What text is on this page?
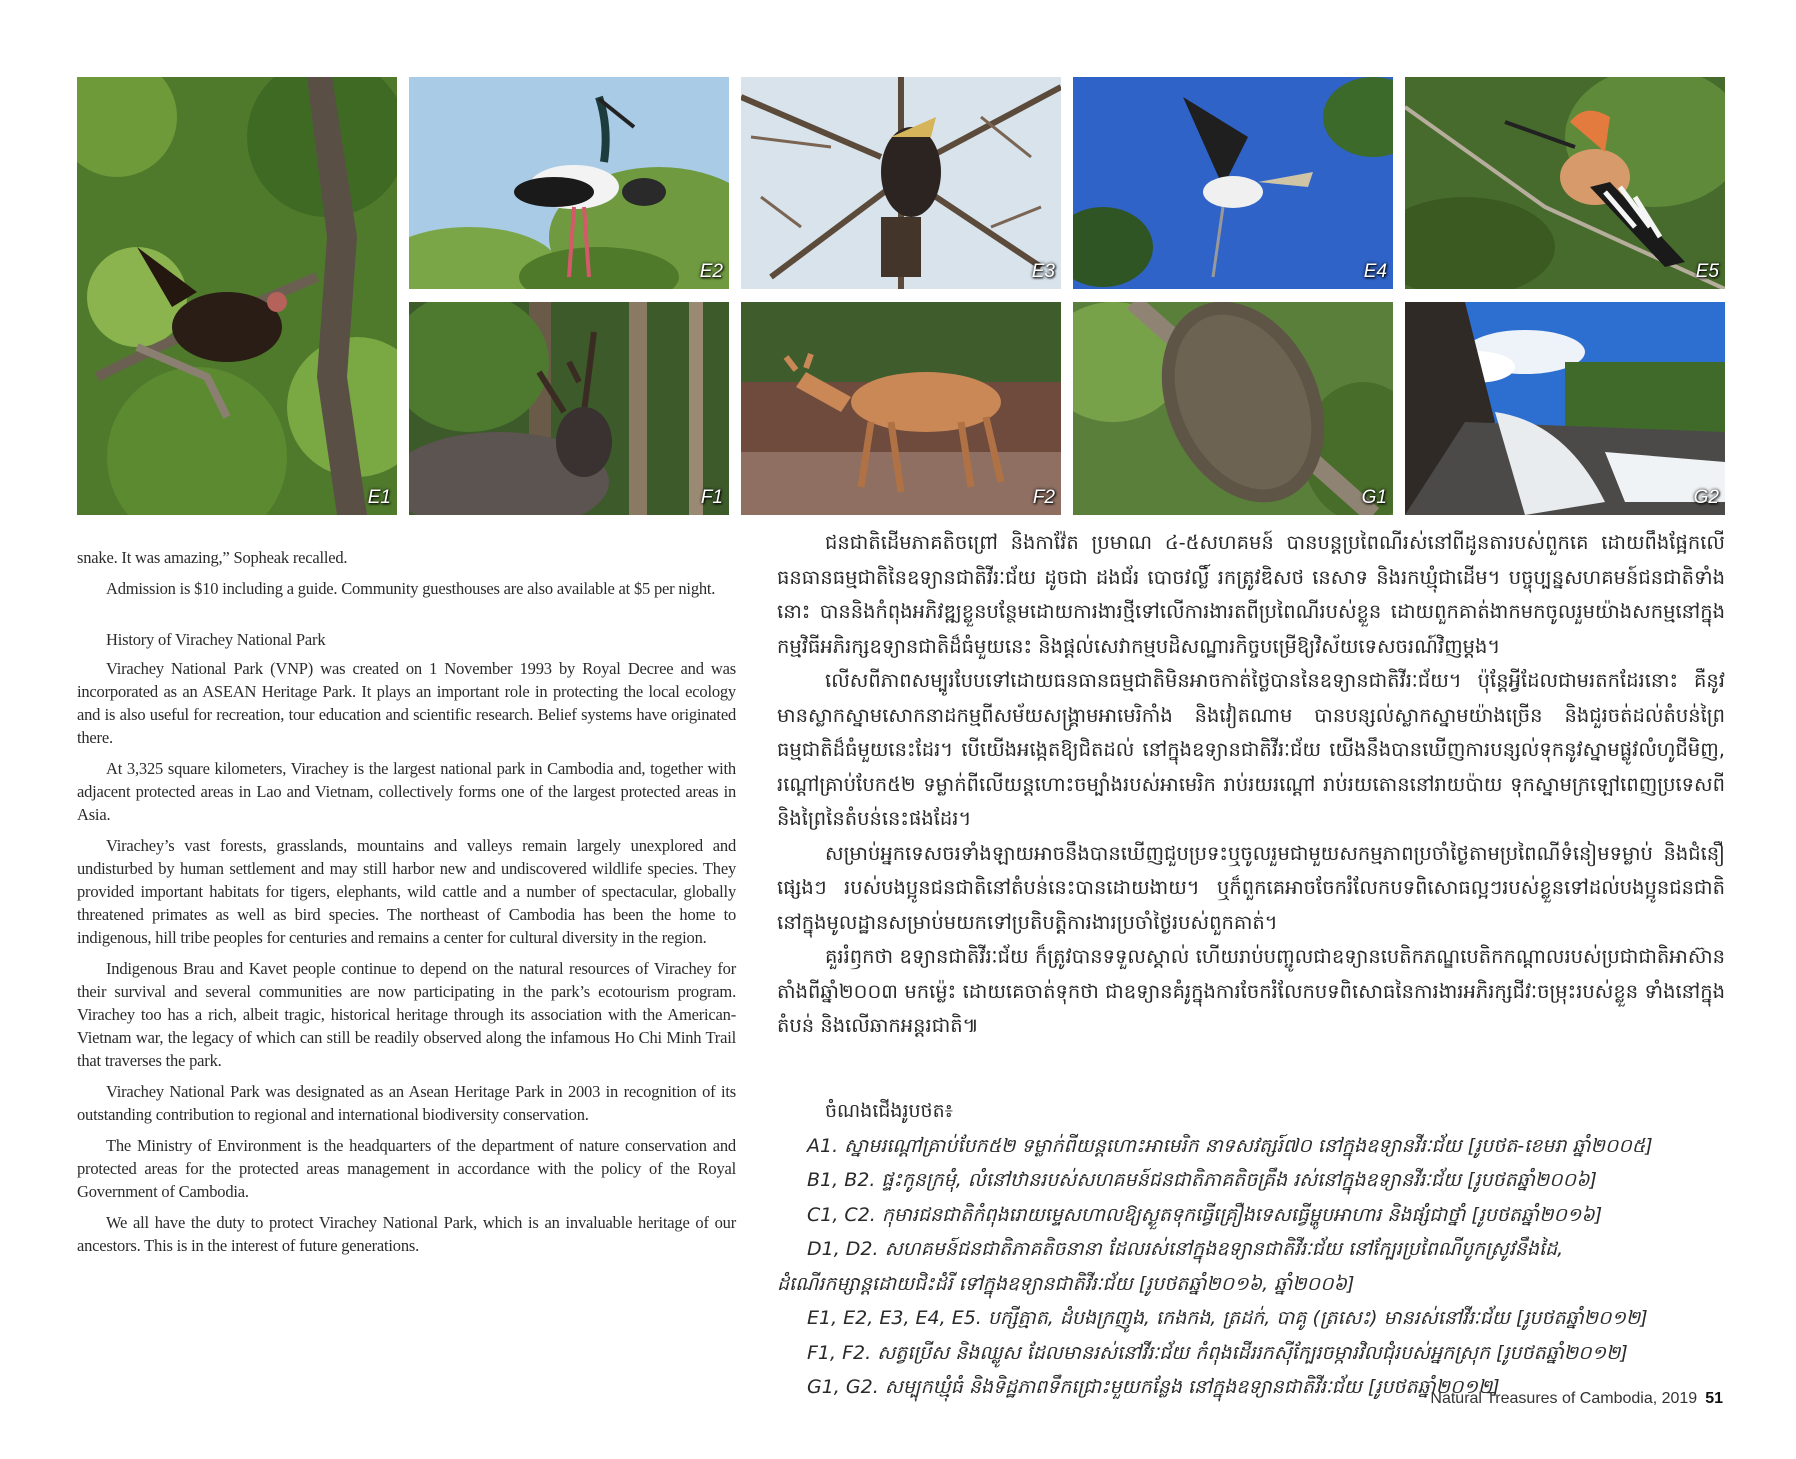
E1
E2	E3	E4	E5
F1	F2	G1	G2

snake. It was amazing,” Sopheak recalled.

Admission is $10 including a guide. Community guesthouses are also available at $5 per night.

History of Virachey National Park

Virachey National Park (VNP) was created on 1 November 1993 by Royal Decree and was incorporated as an ASEAN Heritage Park. It plays an important role in protecting the local ecology and is also useful for recreation, tour education and scientific research. Belief systems have originated there.

At 3,325 square kilometers, Virachey is the largest national park in Cambodia and, together with adjacent protected areas in Lao and Vietnam, collectively forms one of the largest protected areas in Asia.

Virachey’s vast forests, grasslands, mountains and valleys remain largely unexplored and undisturbed by human settlement and may still harbor new and undiscovered wildlife species. They provided important habitats for tigers, elephants, wild cattle and a number of spectacular, globally threatened primates as well as bird species. The northeast of Cambodia has been the home to indigenous, hill tribe peoples for centuries and remains a center for cultural diversity in the region.

Indigenous Brau and Kavet people continue to depend on the natural resources of Virachey for their survival and several communities are now participating in the park’s ecotourism program. Virachey too has a rich, albeit tragic, historical heritage through its association with the American-Vietnam war, the legacy of which can still be readily observed along the infamous Ho Chi Minh Trail that traverses the park.

Virachey National Park was designated as an Asean Heritage Park in 2003 in recognition of its outstanding contribution to regional and international biodiversity conservation.

The Ministry of Environment is the headquarters of the department of nature conservation and protected areas for the protected areas management in accordance with the policy of the Royal Government of Cambodia.

We all have the duty to protect Virachey National Park, which is an invaluable heritage of our ancestors. This is in the interest of future generations.

ជនជាតិដើមភាគតិចព្រៅ និងកាវ៉ែត ប្រមាណ ៤-៥សហគមន៍ បានបន្តប្រពៃណីរស់នៅពីដូនតារបស់ពួកគេ ដោយពឹងផ្អែកលើធនធានធម្មជាតិនៃឧទ្យានជាតិវីរៈជ័យ ដូចជា ដងជ័រ បោចវល្លិ៍ រកត្រូវឌិសថ នេសាទ និងរកឃ្មុំជាដើម។ បច្ចុប្បន្នសហគមន៍ជនជាតិទាំងនោះ បាននិងកំពុងអភិវឌ្ឍខ្លួនបន្ថែមដោយការងារថ្មីទៅលើការងារតពីប្រពៃណីរបស់ខ្លួន ដោយពួកគាត់ងាកមកចូលរួមយ៉ាងសកម្មនៅក្នុងកម្មវិធីអភិរក្សឧទ្យានជាតិដ៏ធំមួយនេះ និងផ្តល់សេវាកម្មបដិសណ្ឋារកិច្ចបម្រើឱ្យវិស័យទេសចរណ៍វិញម្តង។

លើសពីភាពសម្បូរបែបទៅដោយធនធានធម្មជាតិមិនអាចកាត់ថ្លៃបាននៃឧទ្យានជាតិវីរៈជ័យ។ ប៉ុន្តែអ្វីដែលជាមរតកដែរនោះ គឺនូវមានស្លាកស្នាមសោកនាដកម្មពីសម័យសង្គ្រាមអាមេរិកាំង និងវៀតណាម បានបន្សល់ស្លាកស្នាមយ៉ាងច្រើន និងជួរចត់ដល់តំបន់ព្រៃធម្មជាតិដ៏ធំមួយនេះដែរ។ បើយើងអង្កេតឱ្យជិតដល់ នៅក្នុងឧទ្យានជាតិវីរៈជ័យ យើងនឹងបានឃើញការបន្សល់ទុកនូវស្នាមផ្លូវលំហូជីមិញ, រណ្តៅគ្រាប់បែក៥២ ទម្លាក់ពីលើយន្តហោះចម្បាំងរបស់អាមេរិក រាប់រយរណ្តៅ រាប់រយតោននៅរាយប៉ាយ ទុកស្នាមក្រឡៅពេញប្រទេសពី និងព្រៃនៃតំបន់នេះផងដែរ។

សម្រាប់អ្នកទេសចរទាំងឡាយអាចនឹងបានឃើញជួបប្រទះឬចូលរួមជាមួយសកម្មភាពប្រចាំថ្ងៃតាមប្រពៃណីទំនៀមទម្លាប់ និងជំនឿផ្សេងៗ របស់បងប្អូនជនជាតិនៅតំបន់នេះបានដោយងាយ។ ឬក៏ពួកគេអាចចែករំលែកបទពិសោធល្អៗរបស់ខ្លួនទៅដល់បងប្អូនជនជាតិនៅក្នុងមូលដ្ឋានសម្រាប់មយកទៅប្រតិបត្តិការងារប្រចាំថ្ងៃរបស់ពួកគាត់។

គួររំឭកថា ឧទ្យានជាតិវីរៈជ័យ ក៏ត្រូវបានទទួលស្គាល់ ហើយរាប់បញ្ចូលជាឧទ្យានបេតិកភណ្ឌបេតិកកណ្តាលរបស់ប្រជាជាតិអាស៊ានតាំងពីឆ្នាំ២០០៣ មកម្ល៉េះ ដោយគេចាត់ទុកថា ជាឧទ្យានគំរូក្នុងការចែករំលែកបទពិសោធនៃការងារអភិរក្សជីវៈចម្រុះរបស់ខ្លួន ទាំងនៅក្នុងតំបន់ និងលើឆាកអន្តរជាតិ៕

ចំណងជើងរូបថត៖
A1. ស្នាមរណ្តៅគ្រាប់បែក៥២ ទម្លាក់ពីយន្តហោះអាមេរិក នាទសវត្សរ៍៧០ នៅក្នុងឧទ្យានវីរៈជ័យ [រូបថត-ខេមរា ឆ្នាំ២០០៥]
B1, B2. ផ្ទះកូនក្រមុំ, លំនៅឋានរបស់សហគមន៍ជនជាតិភាគតិចគ្រឹង រស់នៅក្នុងឧទ្យានវីរៈជ័យ [រូបថតឆ្នាំ២០០៦]
C1, C2. កុមារជនជាតិកំពុងរោយម្ទេសហាលឱ្យស្ងួតទុកធ្វើគ្រឿងទេសធ្វើម្ហូបអាហារ និងផ្សំជាថ្នាំ [រូបថតឆ្នាំ២០១៦]
D1, D2. សហគមន៍ជនជាតិភាគតិចនានា ដែលរស់នៅក្នុងឧទ្យានជាតិវីរៈជ័យ នៅក្បែរប្រពៃណីបូកស្រូវនឹងដៃ,
ដំណើរកម្សាន្តដោយជិះដំរី ទៅក្នុងឧទ្យានជាតិវីរៈជ័យ [រូបថតឆ្នាំ២០១៦, ឆ្នាំ២០០៦]
E1, E2, E3, E4, E5. បក្សីត្មាត, ដំបងក្រញូង, កេងកង, ត្រដក់, បាគូ (ត្រសេះ) មានរស់នៅវីរៈជ័យ [រូបថតឆ្នាំ២០១២]
F1, F2. សត្វប្រើស និងឈ្លូស ដែលមានរស់នៅវីរៈជ័យ កំពុងដើររកស៊ីក្បែរចម្ការវិលជុំរបស់អ្នកស្រុក [រូបថតឆ្នាំ២០១២]
G1, G2. សម្បុកឃ្មុំធំ និងទិដ្ឋភាពទឹកជ្រោះមួយកន្លែង នៅក្នុងឧទ្យានជាតិវីរៈជ័យ [រូបថតឆ្នាំ២០១២]
Natural Treasures of Cambodia, 2019 51
